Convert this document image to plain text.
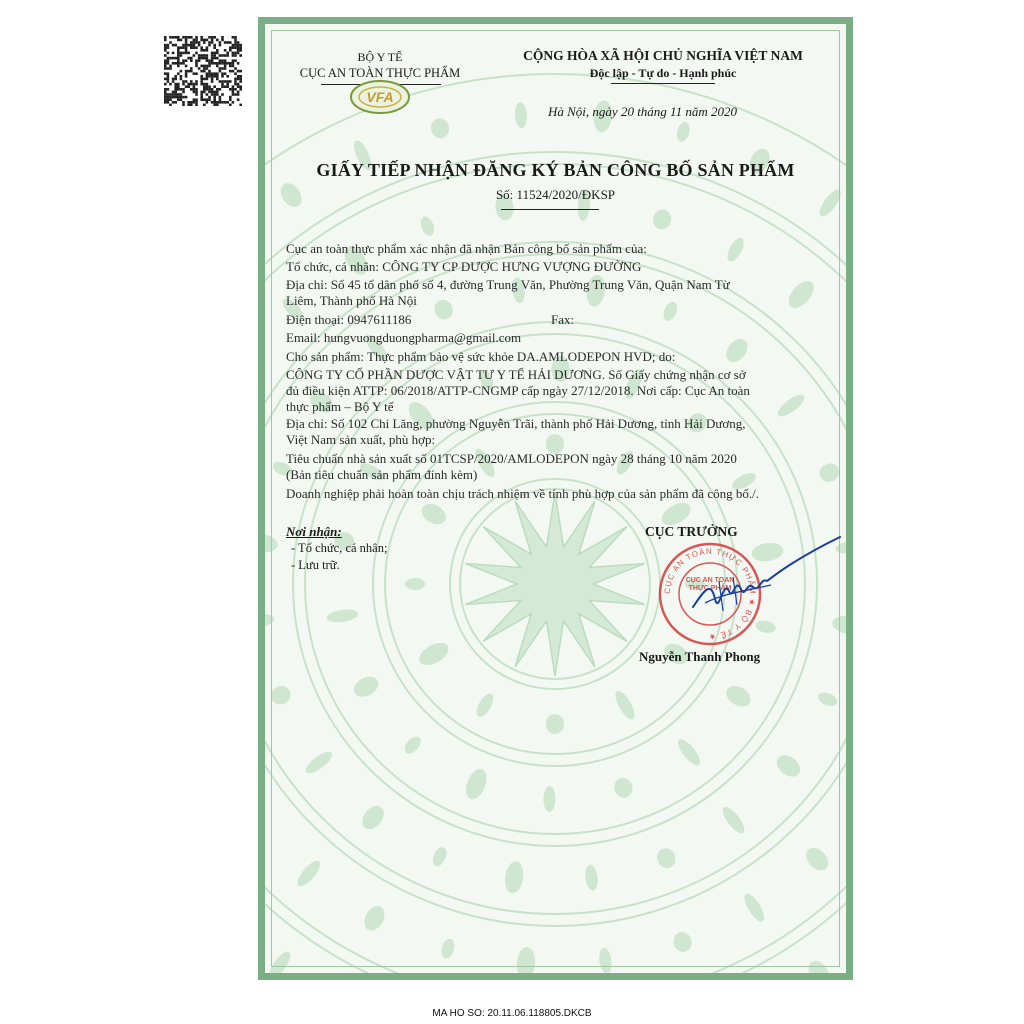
BỘ Y TẾ
CỤC AN TOÀN THỰC PHẨM
VFA
CỘNG HÒA XÃ HỘI CHỦ NGHĨA VIỆT NAM
Độc lập - Tự do - Hạnh phúc
Hà Nội, ngày 20 tháng 11 năm 2020
GIẤY TIẾP NHẬN ĐĂNG KÝ BẢN CÔNG BỐ SẢN PHẨM
Số: 11524/2020/ĐKSP
Cục an toàn thực phẩm xác nhận đã nhận Bản công bố sản phẩm của:
Tổ chức, cá nhân: CÔNG TY CP DƯỢC HƯNG VƯỢNG ĐƯỜNG
Địa chỉ: Số 45 tổ dân phố số 4, đường Trung Văn, Phường Trung Văn, Quận Nam Từ
Liêm, Thành phố Hà Nội
Điện thoại: 0947611186	Fax:
Email: hungvuongduongpharma@gmail.com
Cho sản phẩm: Thực phẩm bảo vệ sức khỏe DA.AMLODEPON HVD; do:
CÔNG TY CỔ PHẦN DƯỢC VẬT TƯ Y TẾ HẢI DƯƠNG. Số Giấy chứng nhận cơ sở
đủ điều kiện ATTP: 06/2018/ATTP-CNGMP cấp ngày 27/12/2018. Nơi cấp: Cục An toàn
thực phẩm – Bộ Y tế
Địa chỉ: Số 102 Chi Lăng, phường Nguyễn Trãi, thành phố Hải Dương, tỉnh Hải Dương,
Việt Nam sản xuất, phù hợp:
Tiêu chuẩn nhà sản xuất số 01TCSP/2020/AMLODEPON ngày 28 tháng 10 năm 2020
(Bản tiêu chuẩn sản phẩm đính kèm)
Doanh nghiệp phải hoàn toàn chịu trách nhiệm về tính phù hợp của sản phẩm đã công bố./.
Nơi nhận:
- Tổ chức, cá nhân;
- Lưu trữ.
CỤC TRƯỞNG
CỤC AN TOÀN THỰC PHẨM ★ BỘ Y TẾ ★
CỤC AN TOÀN THỰC PHẨM
Nguyễn Thanh Phong
MA HO SO: 20.11.06.118805.DKCB
